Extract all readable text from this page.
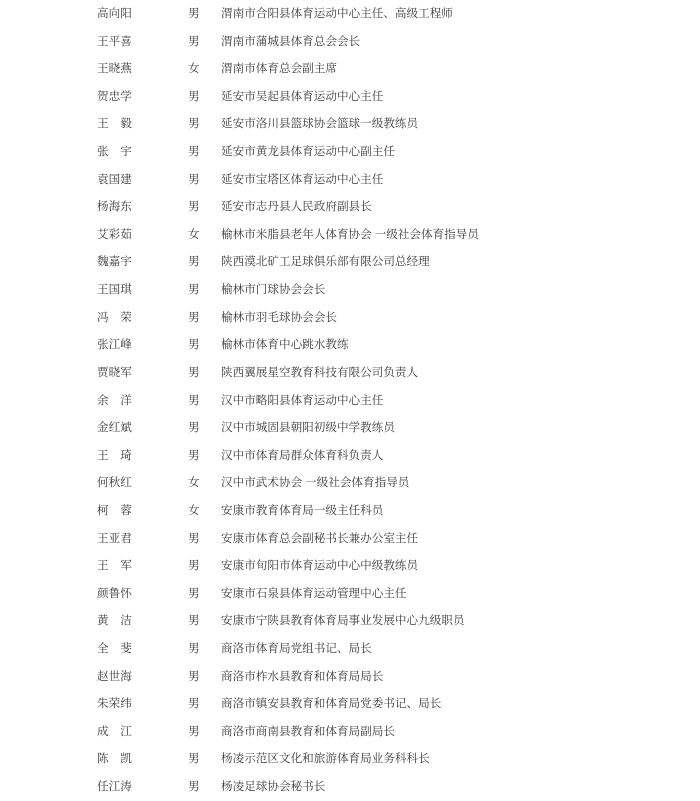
高向阳	男	渭南市合阳县体育运动中心主任、高级工程师
王平喜	男	渭南市蒲城县体育总会会长
王晓燕	女	渭南市体育总会副主席
贺忠学	男	延安市吴起县体育运动中心主任
王　毅	男	延安市洛川县篮球协会篮球一级教练员
张　宇	男	延安市黄龙县体育运动中心副主任
袁国建	男	延安市宝塔区体育运动中心主任
杨海东	男	延安市志丹县人民政府副县长
艾彩茹	女	榆林市米脂县老年人体育协会 一级社会体育指导员
魏嘉宇	男	陕西漠北矿工足球俱乐部有限公司总经理
王国琪	男	榆林市门球协会会长
冯　荣	男	榆林市羽毛球协会会长
张江峰	男	榆林市体育中心跳水教练
贾晓军	男	陕西翼展星空教育科技有限公司负责人
余　洋	男	汉中市略阳县体育运动中心主任
金红斌	男	汉中市城固县朝阳初级中学教练员
王　琦	男	汉中市体育局群众体育科负责人
何秋红	女	汉中市武术协会 一级社会体育指导员
柯　蓉	女	安康市教育体育局一级主任科员
王亚君	男	安康市体育总会副秘书长兼办公室主任
王　军	男	安康市旬阳市体育运动中心中级教练员
颜鲁怀	男	安康市石泉县体育运动管理中心主任
黄　洁	男	安康市宁陕县教育体育局事业发展中心九级职员
全　斐	男	商洛市体育局党组书记、局长
赵世海	男	商洛市柞水县教育和体育局局长
朱荣纬	男	商洛市镇安县教育和体育局党委书记、局长
成　江	男	商洛市商南县教育和体育局副局长
陈　凯	男	杨凌示范区文化和旅游体育局业务科科长
任江涛	男	杨凌足球协会秘书长
